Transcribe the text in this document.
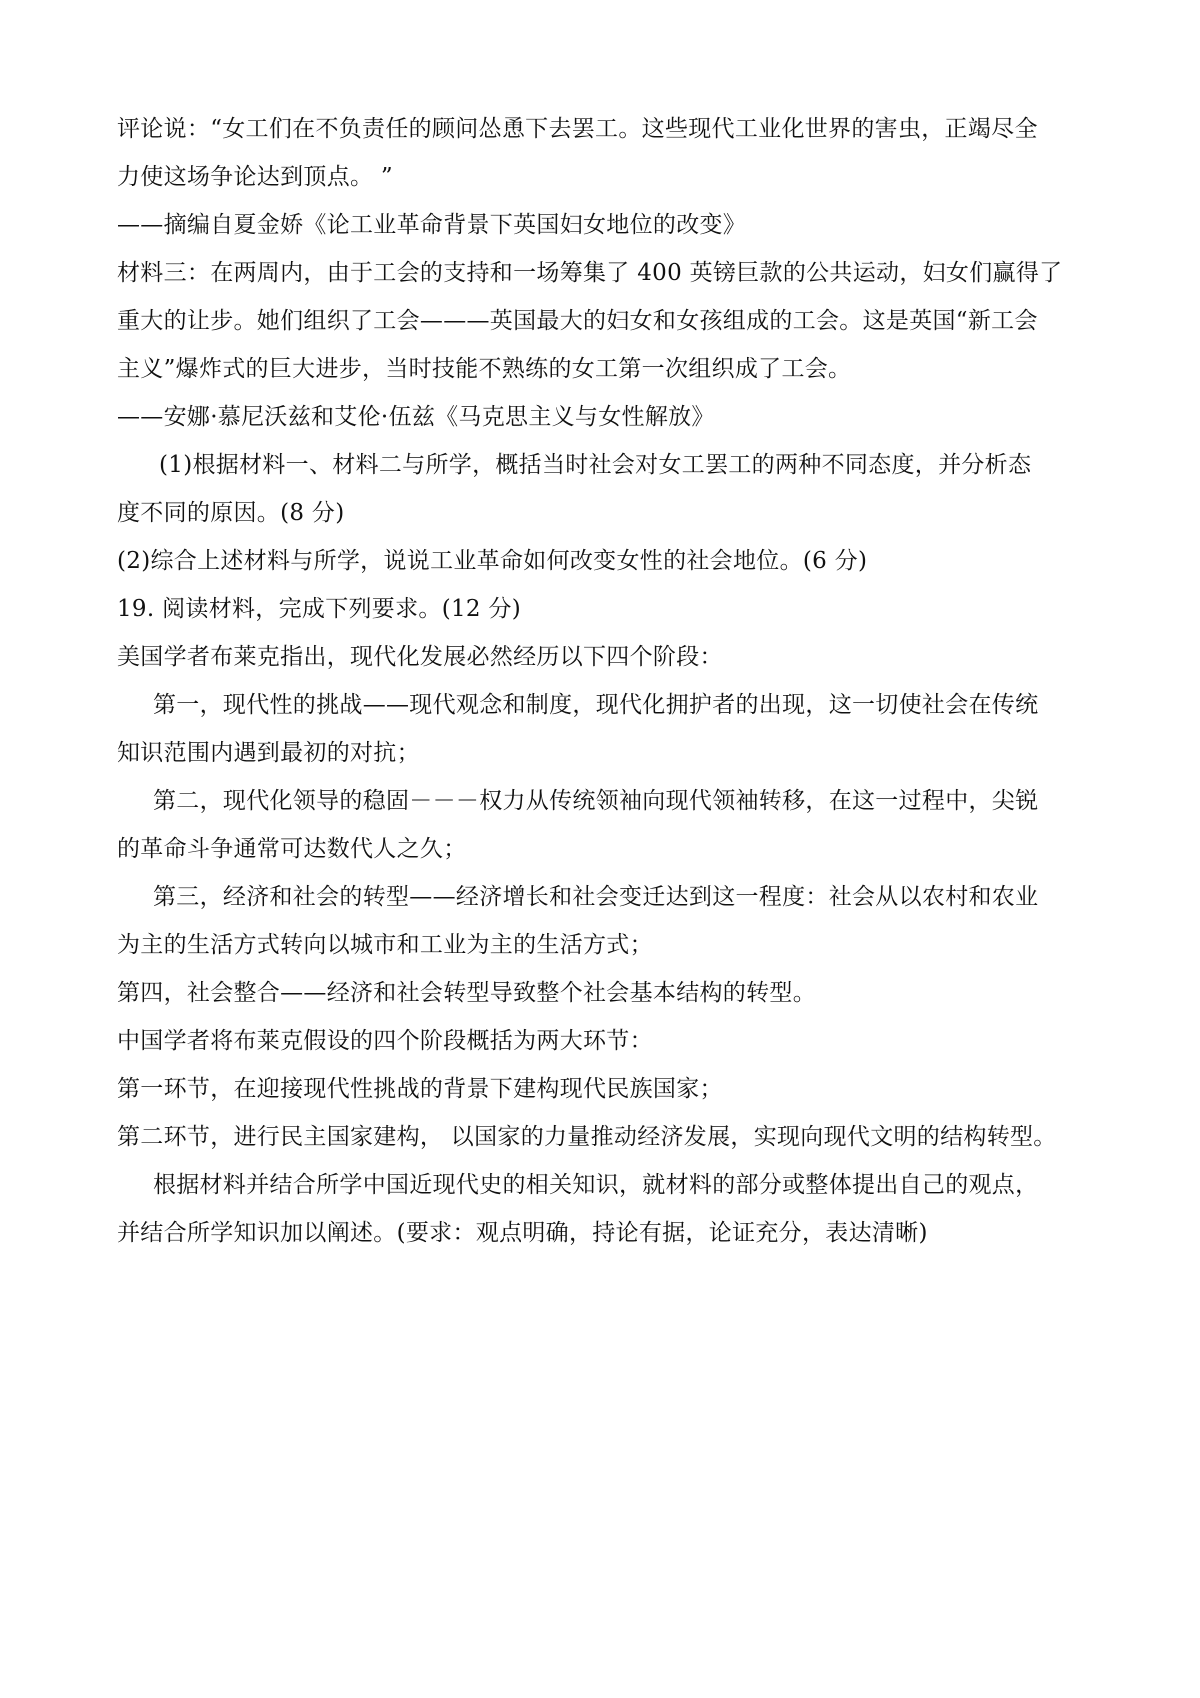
评论说：“女工们在不负责任的顾问怂恿下去罢工。这些现代工业化世界的害虫，正竭尽全
力使这场争论达到顶点。 ”
——摘编自夏金娇《论工业革命背景下英国妇女地位的改变》
材料三：在两周内，由于工会的支持和一场筹集了 400 英镑巨款的公共运动，妇女们赢得了
重大的让步。她们组织了工会———英国最大的妇女和女孩组成的工会。这是英国“新工会
主义”爆炸式的巨大进步，当时技能不熟练的女工第一次组织成了工会。
——安娜·慕尼沃兹和艾伦·伍兹《马克思主义与女性解放》
(1)根据材料一、材料二与所学，概括当时社会对女工罢工的两种不同态度，并分析态
度不同的原因。(8 分)
(2)综合上述材料与所学，说说工业革命如何改变女性的社会地位。(6 分)
19. 阅读材料，完成下列要求。(12 分)
美国学者布莱克指出，现代化发展必然经历以下四个阶段：
第一，现代性的挑战——现代观念和制度，现代化拥护者的出现，这一切使社会在传统
知识范围内遇到最初的对抗；
第二，现代化领导的稳固－－－权力从传统领袖向现代领袖转移，在这一过程中，尖锐
的革命斗争通常可达数代人之久；
第三，经济和社会的转型——经济增长和社会变迁达到这一程度：社会从以农村和农业
为主的生活方式转向以城市和工业为主的生活方式；
第四，社会整合——经济和社会转型导致整个社会基本结构的转型。
中国学者将布莱克假设的四个阶段概括为两大环节：
第一环节，在迎接现代性挑战的背景下建构现代民族国家；
第二环节，进行民主国家建构， 以国家的力量推动经济发展，实现向现代文明的结构转型。
根据材料并结合所学中国近现代史的相关知识，就材料的部分或整体提出自己的观点，
并结合所学知识加以阐述。(要求：观点明确，持论有据，论证充分，表达清晰)
